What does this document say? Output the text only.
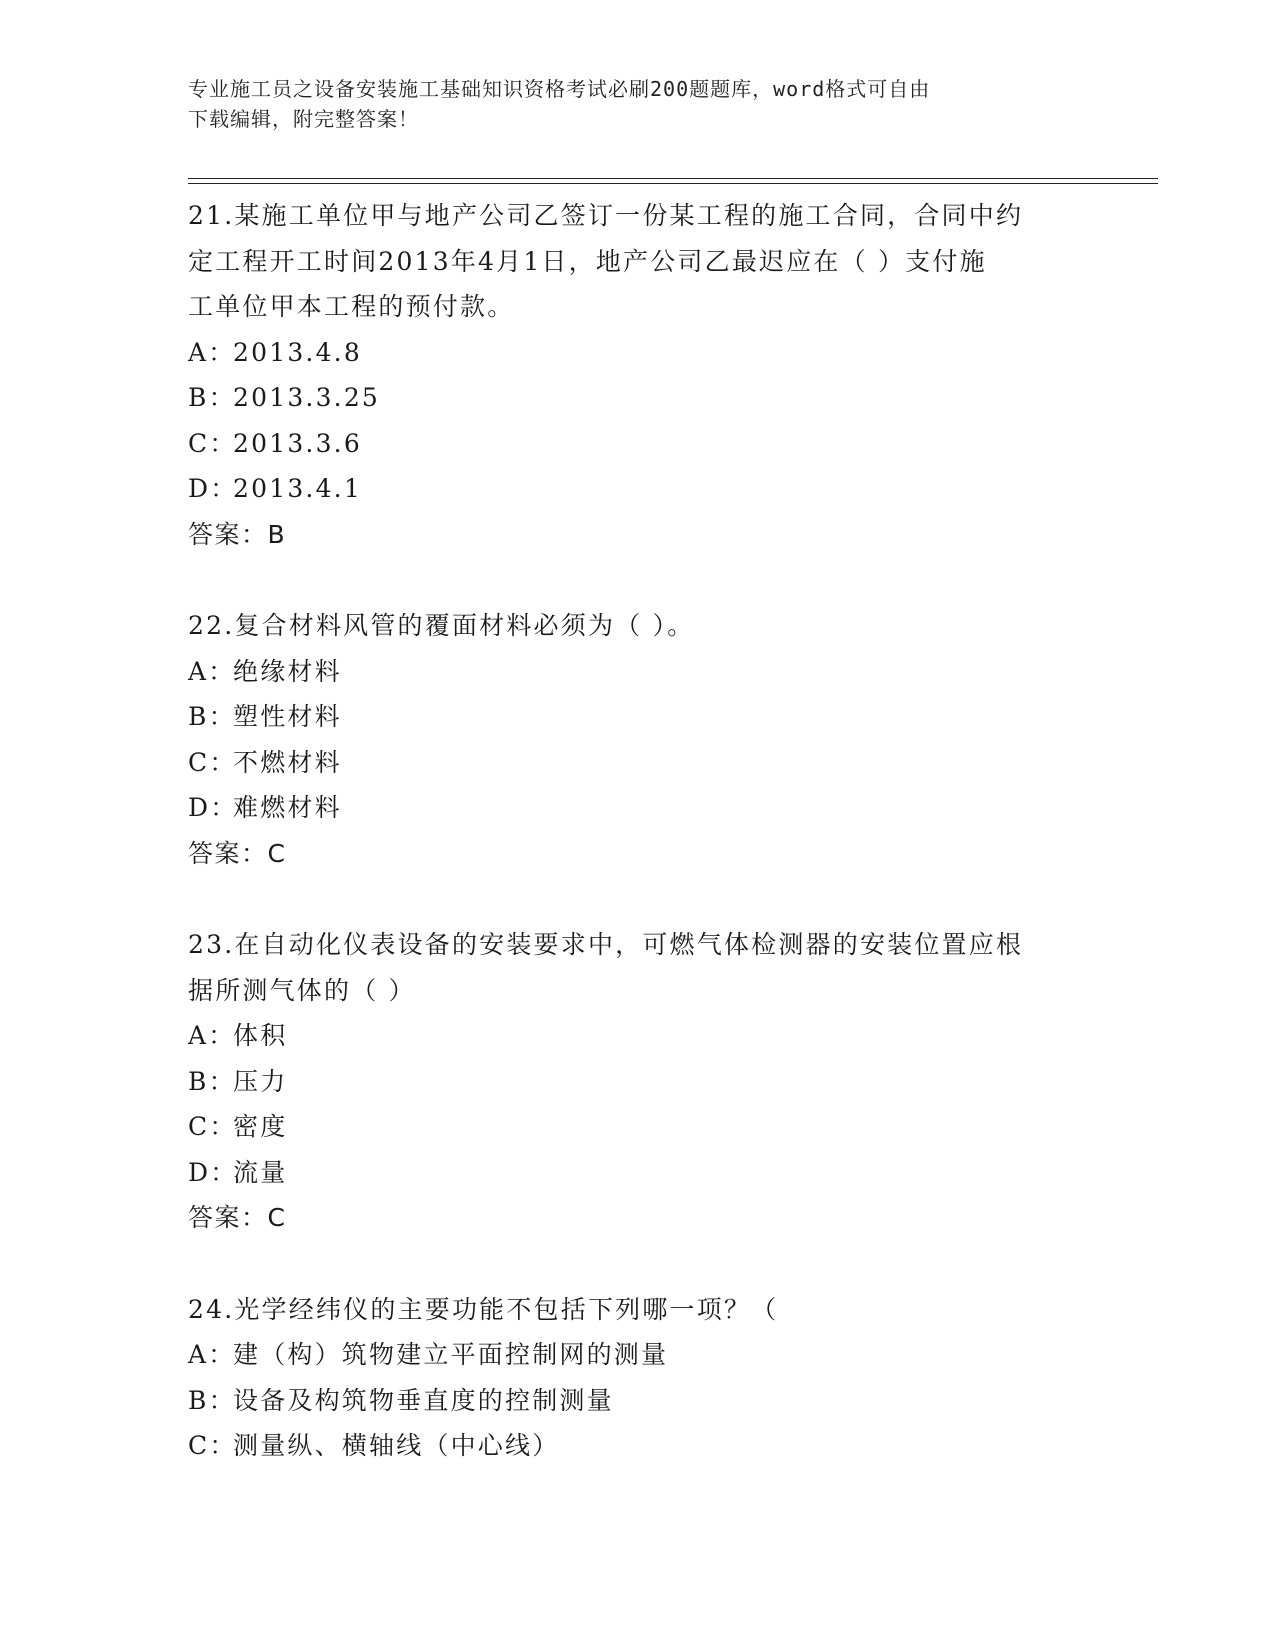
专业施工员之设备安装施工基础知识资格考试必刷200题题库，word格式可自由
下载编辑，附完整答案！
21.某施工单位甲与地产公司乙签订一份某工程的施工合同，合同中约
定工程开工时间2013年4月1日，地产公司乙最迟应在（ ）支付施
工单位甲本工程的预付款。
A：2013.4.8
B：2013.3.25
C：2013.3.6
D：2013.4.1
答案：B
22.复合材料风管的覆面材料必须为（ ）。
A：绝缘材料
B：塑性材料
C：不燃材料
D：难燃材料
答案：C
23.在自动化仪表设备的安装要求中，可燃气体检测器的安装位置应根
据所测气体的（ ）
A：体积
B：压力
C：密度
D：流量
答案：C
24.光学经纬仪的主要功能不包括下列哪一项？（
A：建（构）筑物建立平面控制网的测量
B：设备及构筑物垂直度的控制测量
C：测量纵、横轴线（中心线）
